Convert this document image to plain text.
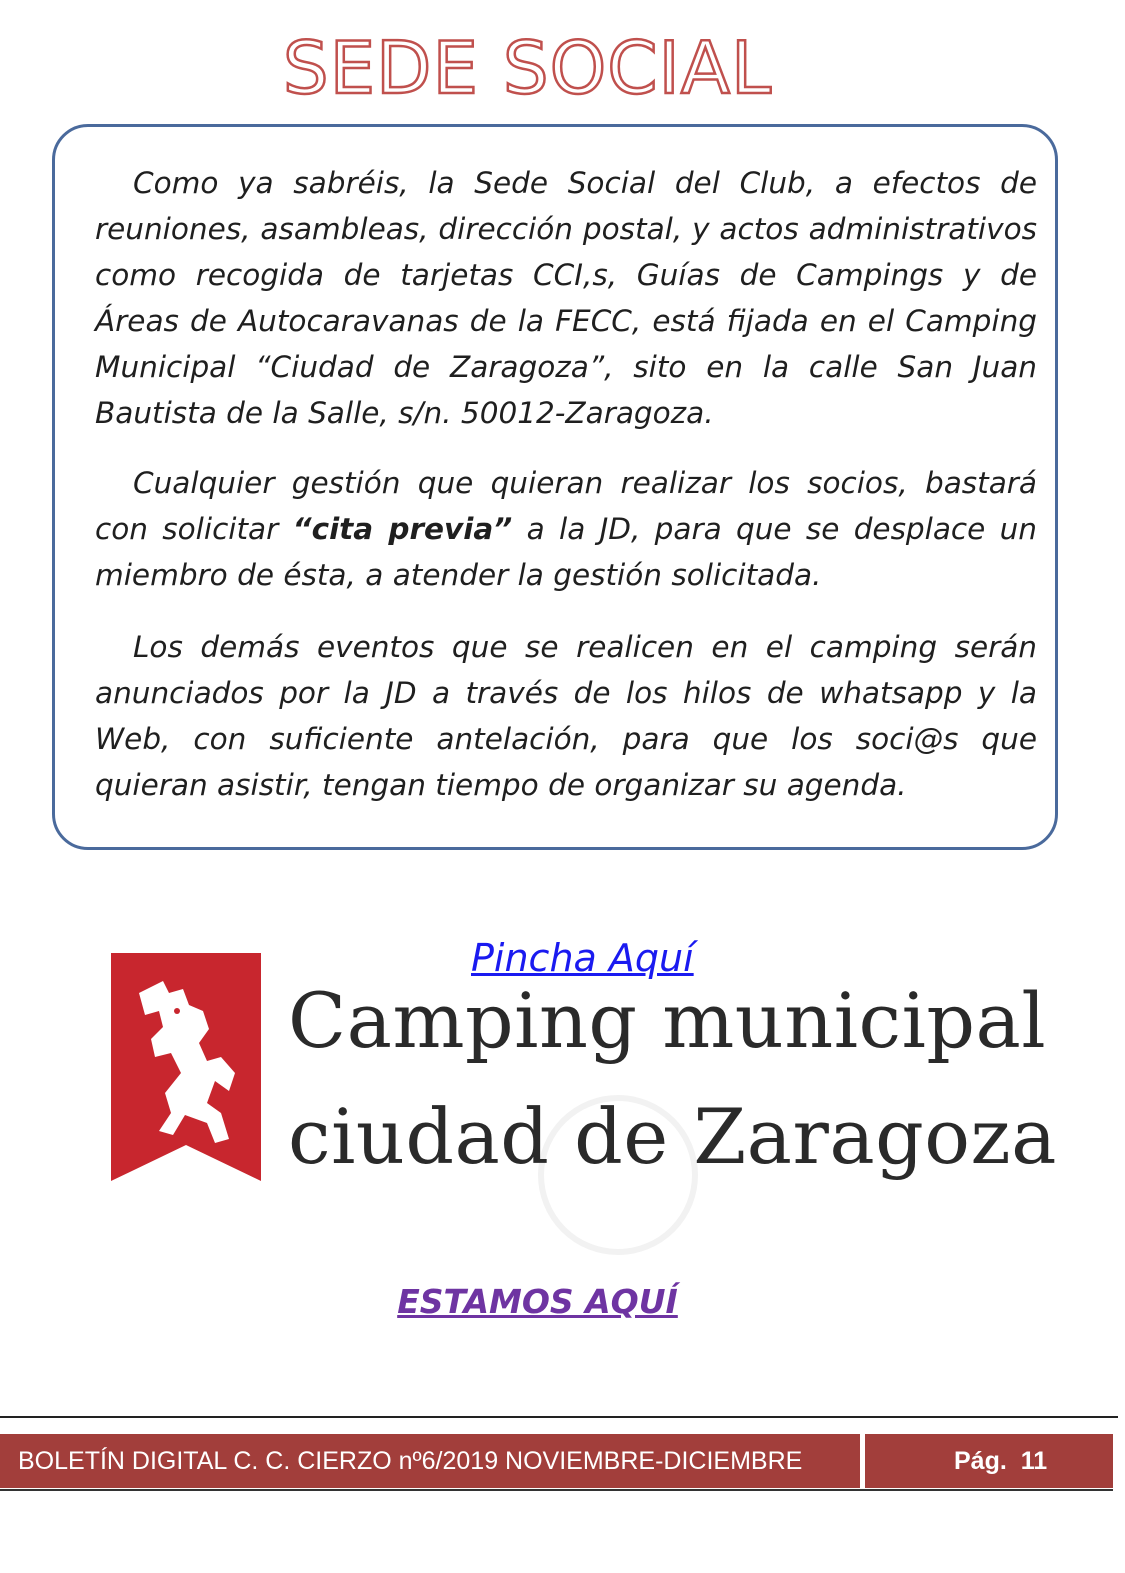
SEDE SOCIAL

Como ya sabréis, la Sede Social del Club, a efectos de reuniones, asambleas, dirección postal, y actos administrativos como recogida de tarjetas CCI,s, Guías de Campings y de Áreas de Autocaravanas de la FECC, está fijada en el Camping Municipal “Ciudad de Zaragoza”, sito en la calle San Juan Bautista de la Salle, s/n. 50012-Zaragoza.

Cualquier gestión que quieran realizar los socios, bastará con solicitar “cita previa” a la JD, para que se desplace un miembro de ésta, a atender la gestión solicitada.

Los demás eventos que se realicen en el camping serán anunciados por la JD a través de los hilos de whatsapp y la Web, con suficiente antelación, para que los soci@s que quieran asistir, tengan tiempo de organizar su agenda.

Camping municipal
ciudad de Zaragoza
Pincha Aquí
ESTAMOS AQUÍ
BOLETÍN DIGITAL C. C. CIERZO nº6/2019 NOVIEMBRE-DICIEMBRE	Pág. 11
